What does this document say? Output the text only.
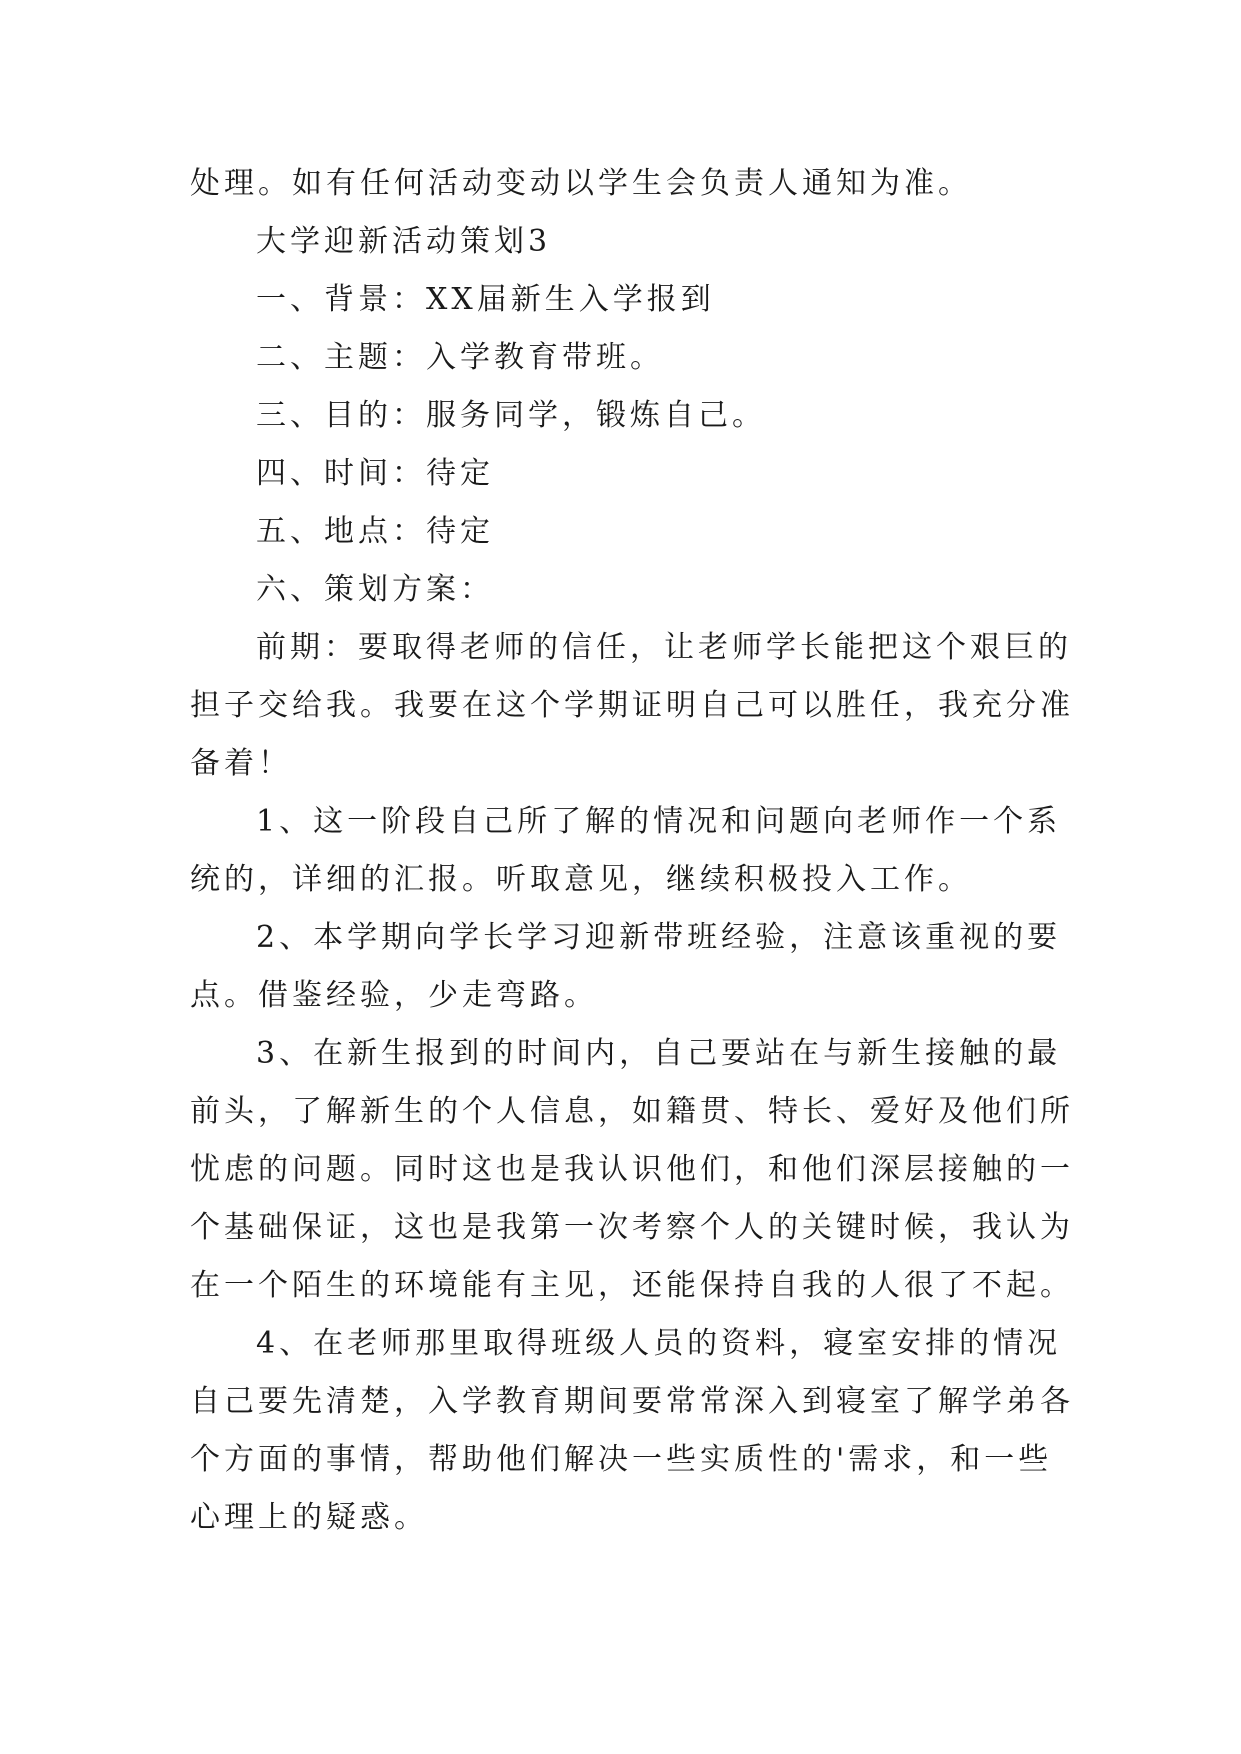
处理。如有任何活动变动以学生会负责人通知为准。
大学迎新活动策划3
一、背景：XX届新生入学报到
二、主题：入学教育带班。
三、目的：服务同学，锻炼自己。
四、时间：待定
五、地点：待定
六、策划方案：
前期：要取得老师的信任，让老师学长能把这个艰巨的
担子交给我。我要在这个学期证明自己可以胜任，我充分准
备着！
1、这一阶段自己所了解的情况和问题向老师作一个系
统的，详细的汇报。听取意见，继续积极投入工作。
2、本学期向学长学习迎新带班经验，注意该重视的要
点。借鉴经验，少走弯路。
3、在新生报到的时间内，自己要站在与新生接触的最
前头，了解新生的个人信息，如籍贯、特长、爱好及他们所
忧虑的问题。同时这也是我认识他们，和他们深层接触的一
个基础保证，这也是我第一次考察个人的关键时候，我认为
在一个陌生的环境能有主见，还能保持自我的人很了不起。
4、在老师那里取得班级人员的资料，寝室安排的情况
自己要先清楚，入学教育期间要常常深入到寝室了解学弟各
个方面的事情，帮助他们解决一些实质性的'需求，和一些
心理上的疑惑。
